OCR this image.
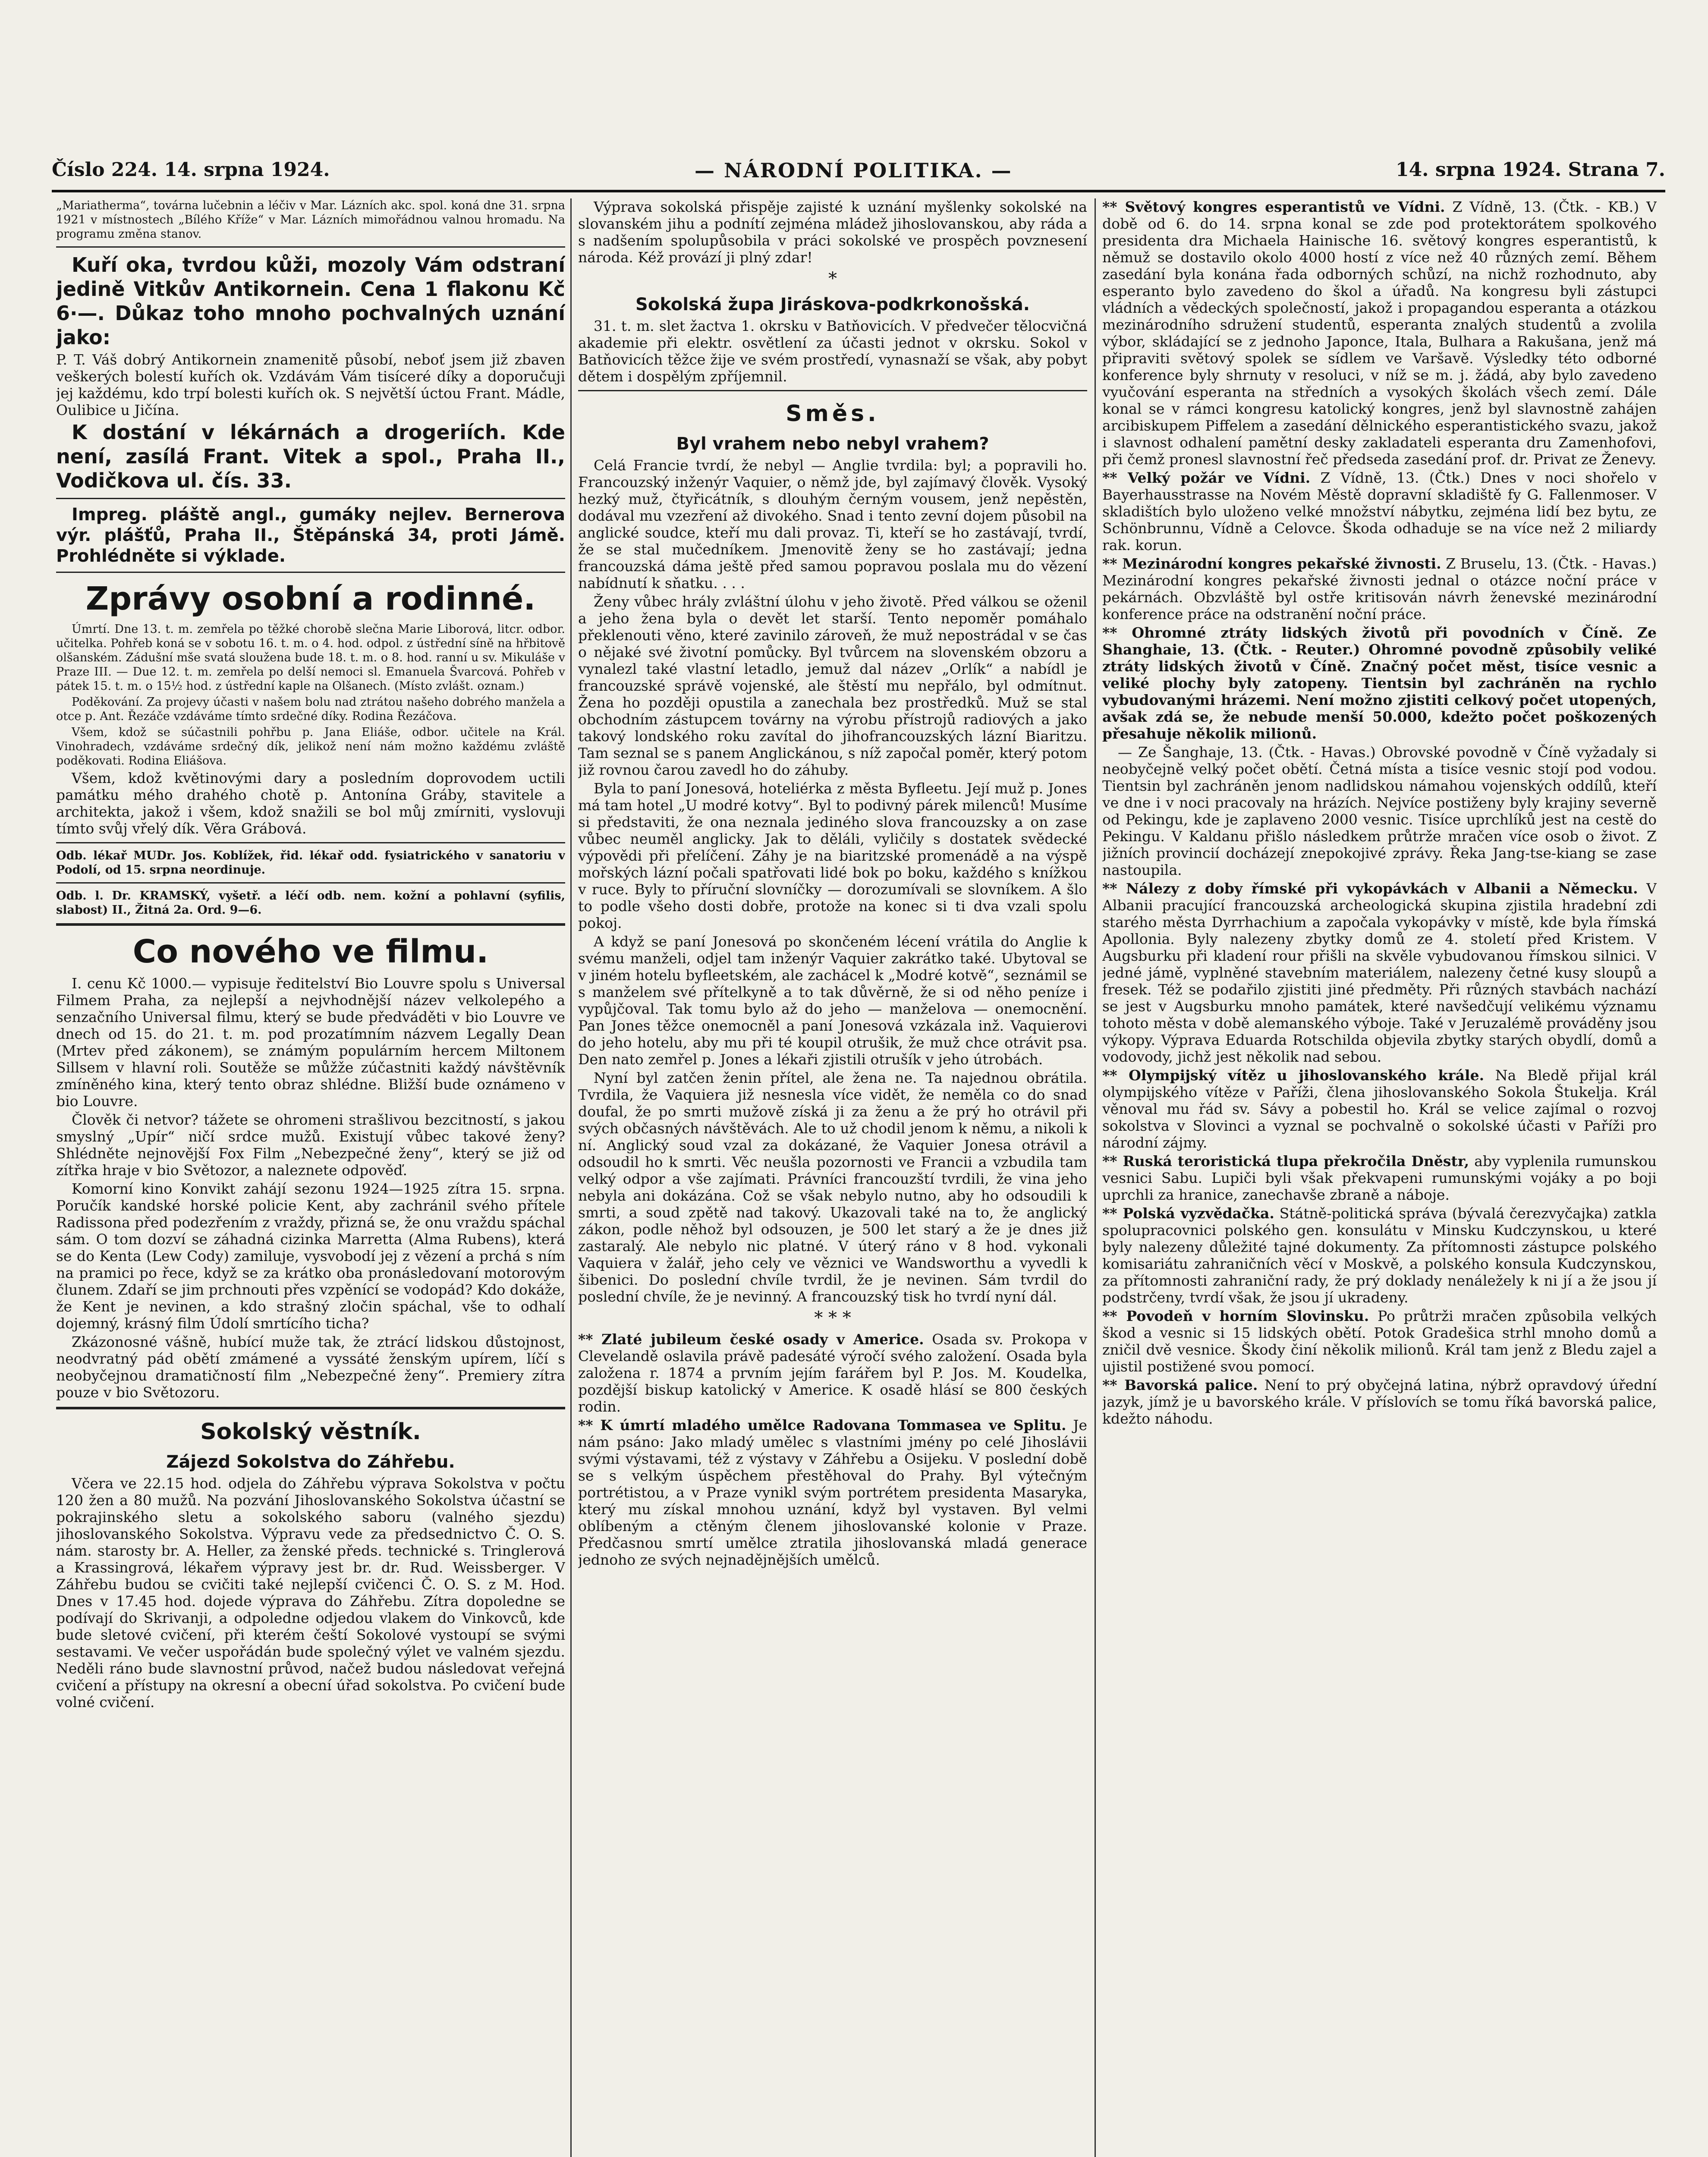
Číslo 224. 14. srpna 1924.	— NÁRODNÍ POLITIKA. —	14. srpna 1924. Strana 7.

„Mariatherma“, továrna lučebnin a léčiv v Mar. Lázních akc. spol. koná dne 31. srpna 1921 v místnostech „Bílého Kříže“ v Mar. Lázních mimořádnou valnou hromadu. Na programu změna stanov.

Kuří oka, tvrdou kůži, mozoly Vám odstraní jedině Vitkův Antikornein. Cena 1 flakonu Kč 6·—. Důkaz toho mnoho pochvalných uznání jako:

P. T. Váš dobrý Antikornein znamenitě působí, neboť jsem již zbaven veškerých bolestí kuřích ok. Vzdávám Vám tisíceré díky a doporučuji jej každému, kdo trpí bolesti kuřích ok. S největší úctou Frant. Mádle, Oulibice u Jičína.

K dostání v lékárnách a drogeriích. Kde není, zasílá Frant. Vitek a spol., Praha II., Vodičkova ul. čís. 33.

Impreg. pláště angl., gumáky nejlev. Bernerova výr. plášťů, Praha II., Štěpánská 34, proti Jámě. Prohlédněte si výklade.

Zprávy osobní a rodinné.

Úmrtí. Dne 13. t. m. zemřela po těžké chorobě slečna Marie Liborová, litcr. odbor. učitelka. Pohřeb koná se v sobotu 16. t. m. o 4. hod. odpol. z ústřední síně na hřbitově olšanském. Zádušní mše svatá sloužena bude 18. t. m. o 8. hod. ranní u sv. Mikuláše v Praze III. — Due 12. t. m. zemřela po delší nemoci sl. Emanuela Švarcová. Pohřeb v pátek 15. t. m. o 15½ hod. z ústřední kaple na Olšanech. (Místo zvlášt. oznam.)

Poděkování. Za projevy účasti v našem bolu nad ztrátou našeho dobrého manžela a otce p. Ant. Řezáče vzdáváme tímto srdečné díky. Rodina Řezáčova.

Všem, kdož se súčastnili pohřbu p. Jana Eliáše, odbor. učitele na Král. Vinohradech, vzdáváme srdečný dík, jelikož není nám možno každému zvláště poděkovati. Rodina Eliášova.

Všem, kdož květinovými dary a posledním doprovodem uctili památku mého drahého chotě p. Antonína Gráby, stavitele a architekta, jakož i všem, kdož snažili se bol můj zmírniti, vyslovuji tímto svůj vřelý dík. Věra Grábová.

Odb. lékař MUDr. Jos. Koblížek, řid. lékař odd. fysiatrického v sanatoriu v Podolí, od 15. srpna neordinuje.

Odb. l. Dr. KRAMSKÝ, vyšetř. a léčí odb. nem. kožní a pohlavní (syfilis, slabost) II., Žitná 2a. Ord. 9—6.

Co nového ve filmu.

I. cenu Kč 1000.— vypisuje ředitelství Bio Louvre spolu s Universal Filmem Praha, za nejlepší a nejvhodnější název velkolepého a senzačního Universal filmu, který se bude předváděti v bio Louvre ve dnech od 15. do 21. t. m. pod prozatímním názvem Legally Dean (Mrtev před zákonem), se známým populárním hercem Miltonem Sillsem v hlavní roli. Soutěže se můžže zúčastniti každý návštěvník zmíněného kina, který tento obraz shlédne. Bližší bude oznámeno v bio Louvre.

Člověk či netvor? tážete se ohromeni strašlivou bezcitností, s jakou smyslný „Upír“ ničí srdce mužů. Existují vůbec takové ženy? Shlédněte nejnovější Fox Film „Nebezpečné ženy“, který se již od zítřka hraje v bio Světozor, a naleznete odpověď.

Komorní kino Konvikt zahájí sezonu 1924—1925 zítra 15. srpna. Poručík kandské horské policie Kent, aby zachránil svého přítele Radissona před podezřením z vraždy, přizná se, že onu vraždu spáchal sám. O tom dozví se záhadná cizinka Marretta (Alma Rubens), která se do Kenta (Lew Cody) zamiluje, vysvobodí jej z vězení a prchá s ním na pramici po řece, když se za krátko oba pronásledovaní motorovým člunem. Zdaří se jim prchnouti přes vzpěnící se vodopád? Kdo dokáže, že Kent je nevinen, a kdo strašný zločin spáchal, vše to odhalí dojemný, krásný film Údolí smrtícího ticha?

Zkázonosné vášně, hubící muže tak, že ztrácí lidskou důstojnost, neodvratný pád obětí zmámené a vyssáté ženským upírem, líčí s neobyčejnou dramatičností film „Nebezpečné ženy“. Premiery zítra pouze v bio Světozoru.

Sokolský věstník.
Zájezd Sokolstva do Záhřebu.

Včera ve 22.15 hod. odjela do Záhřebu výprava Sokolstva v počtu 120 žen a 80 mužů. Na pozvání Jihoslovanského Sokolstva účastní se pokrajinského sletu a sokolského saboru (valného sjezdu) jihoslovanského Sokolstva. Výpravu vede za předsednictvo Č. O. S. nám. starosty br. A. Heller, za ženské předs. technické s. Tringlerová a Krassingrová, lékařem výpravy jest br. dr. Rud. Weissberger. V Záhřebu budou se cvičiti také nejlepší cvičenci Č. O. S. z M. Hod. Dnes v 17.45 hod. dojede výprava do Záhřebu. Zítra dopoledne se podívají do Skrivanji, a odpoledne odjedou vlakem do Vinkovců, kde bude sletové cvičení, při kterém čeští Sokolové vystoupí se svými sestavami. Ve večer uspořádán bude společný výlet ve valném sjezdu. Neděli ráno bude slavnostní průvod, načež budou následovat veřejná cvičení a přístupy na okresní a obecní úřad sokolstva. Po cvičení bude volné cvičení.

Výprava sokolská přispěje zajisté k uznání myšlenky sokolské na slovanském jihu a podnítí zejména mládež jihoslovanskou, aby ráda a s nadšením spolupůsobila v práci sokolské ve prospěch povznesení národa. Kéž provází ji plný zdar!

*
Sokolská župa Jiráskova-podkrkonošská.

31. t. m. slet žactva 1. okrsku v Batňovicích. V předvečer tělocvičná akademie při elektr. osvětlení za účasti jednot v okrsku. Sokol v Batňovicích těžce žije ve svém prostředí, vynasnaží se však, aby pobyt dětem i dospělým zpříjemnil.

Směs.
Byl vrahem nebo nebyl vrahem?

Celá Francie tvrdí, že nebyl — Anglie tvrdila: byl; a popravili ho. Francouzský inženýr Vaquier, o němž jde, byl zajímavý člověk. Vysoký hezký muž, čtyřicátník, s dlouhým černým vousem, jenž nepěstěn, dodával mu vzezření až divokého. Snad i tento zevní dojem působil na anglické soudce, kteří mu dali provaz. Ti, kteří se ho zastávají, tvrdí, že se stal mučedníkem. Jmenovitě ženy se ho zastávají; jedna francouzská dáma ještě před samou popravou poslala mu do vězení nabídnutí k sňatku. . . .

Ženy vůbec hrály zvláštní úlohu v jeho životě. Před válkou se oženil a jeho žena byla o devět let starší. Tento nepoměr pomáhalo překlenouti věno, které zavinilo zároveň, že muž nepostrádal v se čas o nějaké své životní pomůcky. Byl tvůrcem na slovenském obzoru a vynalezl také vlastní letadlo, jemuž dal název „Orlík“ a nabídl je francouzské správě vojenské, ale štěstí mu nepřálo, byl odmítnut. Žena ho později opustila a zanechala bez prostředků. Muž se stal obchodním zástupcem továrny na výrobu přístrojů radiových a jako takový londského roku zavítal do jihofrancouzských lázní Biaritzu. Tam seznal se s panem Anglickánou, s níž započal poměr, který potom již rovnou čarou zavedl ho do záhuby.

Byla to paní Jonesová, hoteliérka z města Byfleetu. Její muž p. Jones má tam hotel „U modré kotvy“. Byl to podivný párek milenců! Musíme si představiti, že ona neznala jediného slova francouzsky a on zase vůbec neuměl anglicky. Jak to děláli, vyličily s dostatek svědecké výpovědi při přelíčení. Záhy je na biaritzské promenádě a na výspě mořských lázní počali spatřovati lidé bok po boku, každého s knížkou v ruce. Byly to příruční slovníčky — dorozumívali se slovníkem. A šlo to podle všeho dosti dobře, protože na konec si ti dva vzali spolu pokoj.

A když se paní Jonesová po skončeném lécení vrátila do Anglie k svému manželi, odjel tam inženýr Vaquier zakrátko také. Ubytoval se v jiném hotelu byfleetském, ale zachácel k „Modré kotvě“, seznámil se s manželem své přítelkyně a to tak důvěrně, že si od něho peníze i vypůjčoval. Tak tomu bylo až do jeho — manželova — onemocnění. Pan Jones těžce onemocněl a paní Jonesová vzkázala inž. Vaquierovi do jeho hotelu, aby mu při té koupil otrušik, že muž chce otrávit psa. Den nato zemřel p. Jones a lékaři zjistili otrušík v jeho útrobách.

Nyní byl zatčen ženin přítel, ale žena ne. Ta najednou obrátila. Tvrdila, že Vaquiera již nesnesla více vidět, že neměla co do snad doufal, že po smrti mužově získá ji za ženu a že prý ho otrávil při svých občasných návštěvách. Ale to už chodil jenom k němu, a nikoli k ní. Anglický soud vzal za dokázané, že Vaquier Jonesa otrávil a odsoudil ho k smrti. Věc neušla pozornosti ve Francii a vzbudila tam velký odpor a vše zajímati. Právníci francouzští tvrdili, že vina jeho nebyla ani dokázána. Což se však nebylo nutno, aby ho odsoudili k smrti, a soud zpětě nad takový. Ukazovali také na to, že anglický zákon, podle něhož byl odsouzen, je 500 let starý a že je dnes již zastaralý. Ale nebylo nic platné. V úterý ráno v 8 hod. vykonali Vaquiera v žalář, jeho cely ve věznici ve Wandsworthu a vyvedli k šibenici. Do poslední chvíle tvrdil, že je nevinen. Sám tvrdil do poslední chvíle, že je nevinný. A francouzský tisk ho tvrdí nyní dál.

* * *

** Zlaté jubileum české osady v Americe. Osada sv. Prokopa v Clevelandě oslavila právě padesáté výročí svého založení. Osada byla založena r. 1874 a prvním jejím farářem byl P. Jos. M. Koudelka, pozdější biskup katolický v Americe. K osadě hlásí se 800 českých rodin.

** K úmrtí mladého umělce Radovana Tommasea ve Splitu. Je nám psáno: Jako mladý umělec s vlastními jmény po celé Jihoslávii svými výstavami, též z výstavy v Záhřebu a Osijeku. V poslední době se s velkým úspěchem přestěhoval do Prahy. Byl výtečným portrétistou, a v Praze vynikl svým portrétem presidenta Masaryka, který mu získal mnohou uznání, když byl vystaven. Byl velmi oblíbeným a ctěným členem jihoslovanské kolonie v Praze. Předčasnou smrtí umělce ztratila jihoslovanská mladá generace jednoho ze svých nejnadějnějších umělců.

** Světový kongres esperantistů ve Vídni. Z Vídně, 13. (Čtk. - KB.) V době od 6. do 14. srpna konal se zde pod protektorátem spolkového presidenta dra Michaela Hainische 16. světový kongres esperantistů, k němuž se dostavilo okolo 4000 hostí z více než 40 různých zemí. Během zasedání byla konána řada odborných schůzí, na nichž rozhodnuto, aby esperanto bylo zavedeno do škol a úřadů. Na kongresu byli zástupci vládních a vědeckých společností, jakož i propagandou esperanta a otázkou mezinárodního sdružení studentů, esperanta znalých studentů a zvolila výbor, skládající se z jednoho Japonce, Itala, Bulhara a Rakušana, jenž má připraviti světový spolek se sídlem ve Varšavě. Výsledky této odborné konference byly shrnuty v resoluci, v níž se m. j. žádá, aby bylo zavedeno vyučování esperanta na středních a vysokých školách všech zemí. Dále konal se v rámci kongresu katolický kongres, jenž byl slavnostně zahájen arcibiskupem Piffelem a zasedání dělnického esperantistického svazu, jakož i slavnost odhalení pamětní desky zakladateli esperanta dru Zamenhofovi, při čemž pronesl slavnostní řeč předseda zasedání prof. dr. Privat ze Ženevy.

** Velký požár ve Vídni. Z Vídně, 13. (Čtk.) Dnes v noci shořelo v Bayerhausstrasse na Novém Městě dopravní skladiště fy G. Fallenmoser. V skladištích bylo uloženo velké množství nábytku, zejména lidí bez bytu, ze Schönbrunnu, Vídně a Celovce. Škoda odhaduje se na více než 2 miliardy rak. korun.

** Mezinárodní kongres pekařské živnosti. Z Bruselu, 13. (Čtk. - Havas.) Mezinárodní kongres pekařské živnosti jednal o otázce noční práce v pekárnách. Obzvláště byl ostře kritisován návrh ženevské mezinárodní konference práce na odstranění noční práce.

** Ohromné ztráty lidských životů při povodních v Číně. Ze Shanghaie, 13. (Čtk. - Reuter.) Ohromné povodně způsobily veliké ztráty lidských životů v Číně. Značný počet měst, tisíce vesnic a veliké plochy byly zatopeny. Tientsin byl zachráněn na rychlo vybudovanými hrázemi. Není možno zjistiti celkový počet utopených, avšak zdá se, že nebude menší 50.000, kdežto počet poškozených přesahuje několik milionů.

— Ze Šanghaje, 13. (Čtk. - Havas.) Obrovské povodně v Číně vyžadaly si neobyčejně velký počet obětí. Četná místa a tisíce vesnic stojí pod vodou. Tientsin byl zachráněn jenom nadlidskou námahou vojenských oddílů, kteří ve dne i v noci pracovaly na hrázích. Nejvíce postiženy byly krajiny severně od Pekingu, kde je zaplaveno 2000 vesnic. Tisíce uprchlíků jest na cestě do Pekingu. V Kaldanu přišlo následkem průtrže mračen více osob o život. Z jižních provincií docházejí znepokojivé zprávy. Řeka Jang-tse-kiang se zase nastoupila.

** Nálezy z doby římské při vykopávkách v Albanii a Německu. V Albanii pracující francouzská archeologická skupina zjistila hradební zdi starého města Dyrrhachium a započala vykopávky v místě, kde byla římská Apollonia. Byly nalezeny zbytky domů ze 4. století před Kristem. V Augsburku při kladení rour přišli na skvěle vybudovanou římskou silnici. V jedné jámě, vyplněné stavebním materiálem, nalezeny četné kusy sloupů a fresek. Též se podařilo zjistiti jiné předměty. Při různých stavbách nachází se jest v Augsburku mnoho památek, které navšedčují velikému významu tohoto města v době alemanského výboje. Také v Jeruzalémě prováděny jsou výkopy. Výprava Eduarda Rotschilda objevila zbytky starých obydlí, domů a vodovody, jichž jest několik nad sebou.

** Olympijský vítěz u jihoslovanského krále. Na Bledě přijal král olympijského vítěze v Paříži, člena jihoslovanského Sokola Štukelja. Král věnoval mu řád sv. Sávy a pobestil ho. Král se velice zajímal o rozvoj sokolstva v Slovinci a vyznal se pochvalně o sokolské účasti v Paříži pro národní zájmy.

** Ruská teroristická tlupa překročila Dněstr, aby vyplenila rumunskou vesnici Sabu. Lupiči byli však překvapeni rumunskými vojáky a po boji uprchli za hranice, zanechavše zbraně a náboje.

** Polská vyzvědačka. Státně-politická správa (bývalá čerezvyčajka) zatkla spolupracovnici polského gen. konsulátu v Minsku Kudczynskou, u které byly nalezeny důležité tajné dokumenty. Za přítomnosti zástupce polského komisariátu zahraničních věcí v Moskvě, a polského konsula Kudczynskou, za přítomnosti zahraniční rady, že prý doklady nenáležely k ni jí a že jsou jí podstrčeny, tvrdí však, že jsou jí ukradeny.

** Povodeň v horním Slovinsku. Po průtrži mračen způsobila velkých škod a vesnic si 15 lidských obětí. Potok Gradešica strhl mnoho domů a zničil dvě vesnice. Škody činí několik milionů. Král tam jenž z Bledu zajel a ujistil postižené svou pomocí.

** Bavorská palice. Není to prý obyčejná latina, nýbrž opravdový úřední jazyk, jímž je u bavorského krále. V příslovích se tomu říká bavorská palice, kdežto náhodu.
